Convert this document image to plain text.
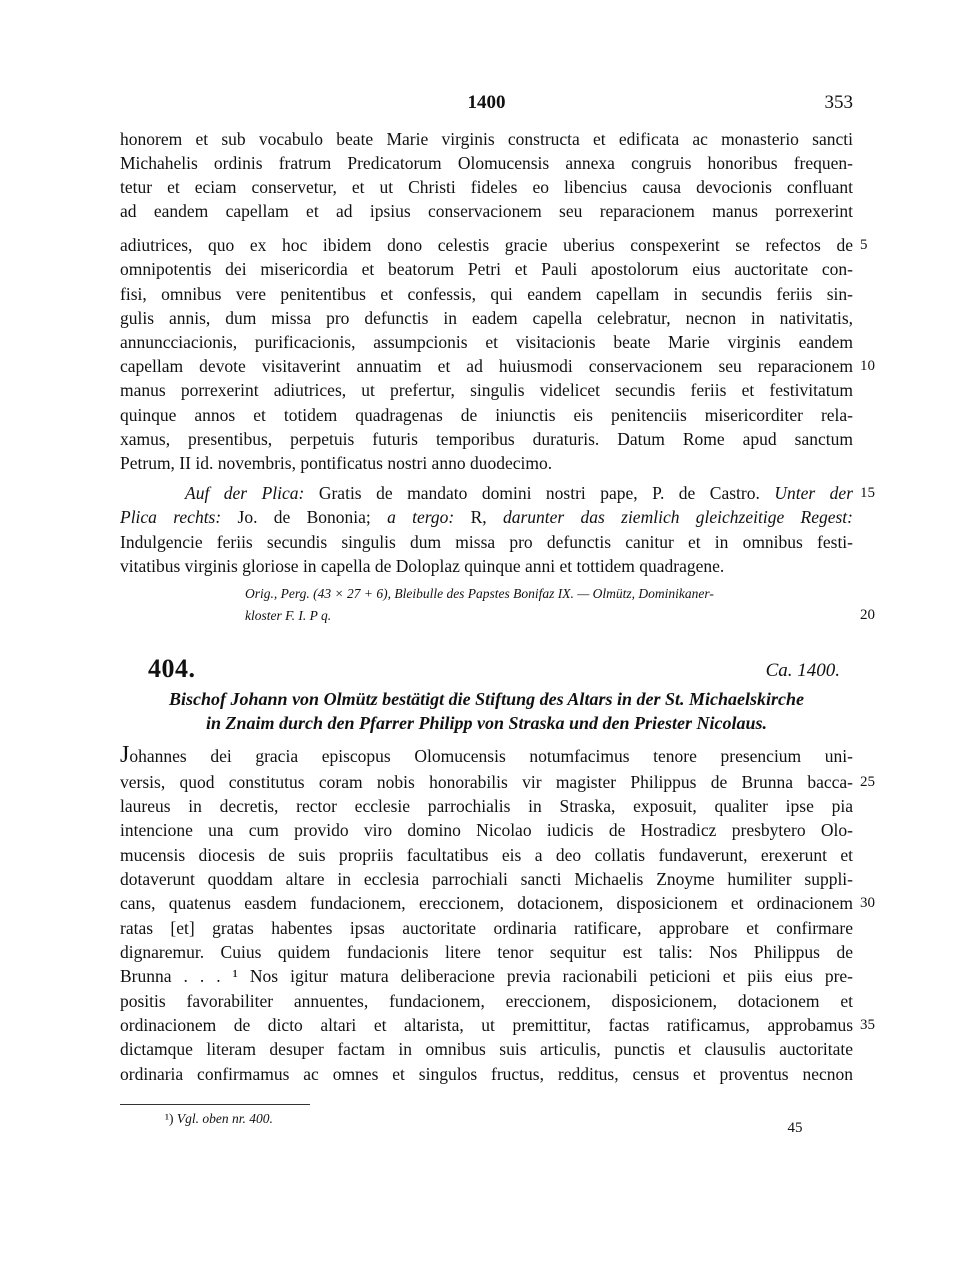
1400	353
honorem et sub vocabulo beate Marie virginis constructa et edificata ac monasterio sancti
Michahelis ordinis fratrum Predicatorum Olomucensis annexa congruis honoribus frequen-
tetur et eciam conservetur, et ut Christi fideles eo libencius causa devocionis confluant
ad eandem capellam et ad ipsius conservacionem seu reparacionem manus porrexerint
adiutrices, quo ex hoc ibidem dono celestis gracie uberius conspexerint se refectos de
omnipotentis dei misericordia et beatorum Petri et Pauli apostolorum eius auctoritate con-
fisi, omnibus vere penitentibus et confessis, qui eandem capellam in secundis feriis sin-
gulis annis, dum missa pro defunctis in eadem capella celebratur, necnon in nativitatis,
annuncciacionis, purificacionis, assumpcionis et visitacionis beate Marie virginis eandem
capellam devote visitaverint annuatim et ad huiusmodi conservacionem seu reparacionem
manus porrexerint adiutrices, ut prefertur, singulis videlicet secundis feriis et festivitatum
quinque annos et totidem quadragenas de iniunctis eis penitenciis misericorditer rela-
xamus, presentibus, perpetuis futuris temporibus duraturis. Datum Rome apud sanctum
Petrum, II id. novembris, pontificatus nostri anno duodecimo.
Auf der Plica: Gratis de mandato domini nostri pape, P. de Castro. Unter der
Plica rechts: Jo. de Bononia; a tergo: R, darunter das ziemlich gleichzeitige Regest:
Indulgencie feriis secundis singulis dum missa pro defunctis canitur et in omnibus festi-
vitatibus virginis gloriose in capella de Doloplaz quinque anni et tottidem quadragene.
Orig., Perg. (43 × 27 + 6), Bleibulle des Papstes Bonifaz IX. — Olmütz, Dominikaner-
kloster F. I. P q.
404.	Ca. 1400.
Bischof Johann von Olmütz bestätigt die Stiftung des Altars in der St. Michaelskirche
in Znaim durch den Pfarrer Philipp von Straska und den Priester Nicolaus.
Johannes dei gracia episcopus Olomucensis notumfacimus tenore presencium uni-
versis, quod constitutus coram nobis honorabilis vir magister Philippus de Brunna bacca-
laureus in decretis, rector ecclesie parrochialis in Straska, exposuit, qualiter ipse pia
intencione una cum provido viro domino Nicolao iudicis de Hostradicz presbytero Olo-
mucensis diocesis de suis propriis facultatibus eis a deo collatis fundaverunt, erexerunt et
dotaverunt quoddam altare in ecclesia parrochiali sancti Michaelis Znoyme humiliter suppli-
cans, quatenus easdem fundacionem, ereccionem, dotacionem, disposicionem et ordinacionem
ratas [et] gratas habentes ipsas auctoritate ordinaria ratificare, approbare et confirmare
dignaremur. Cuius quidem fundacionis litere tenor sequitur est talis: Nos Philippus de
Brunna . . . ¹ Nos igitur matura deliberacione previa racionabili peticioni et piis eius pre-
positis favorabiliter annuentes, fundacionem, ereccionem, disposicionem, dotacionem et
ordinacionem de dicto altari et altarista, ut premittitur, factas ratificamus, approbamus
dictamque literam desuper factam in omnibus suis articulis, punctis et clausulis auctoritate
ordinaria confirmamus ac omnes et singulos fructus, redditus, census et proventus necnon
5
10
15
20
25
30
35
¹) Vgl. oben nr. 400.
45
